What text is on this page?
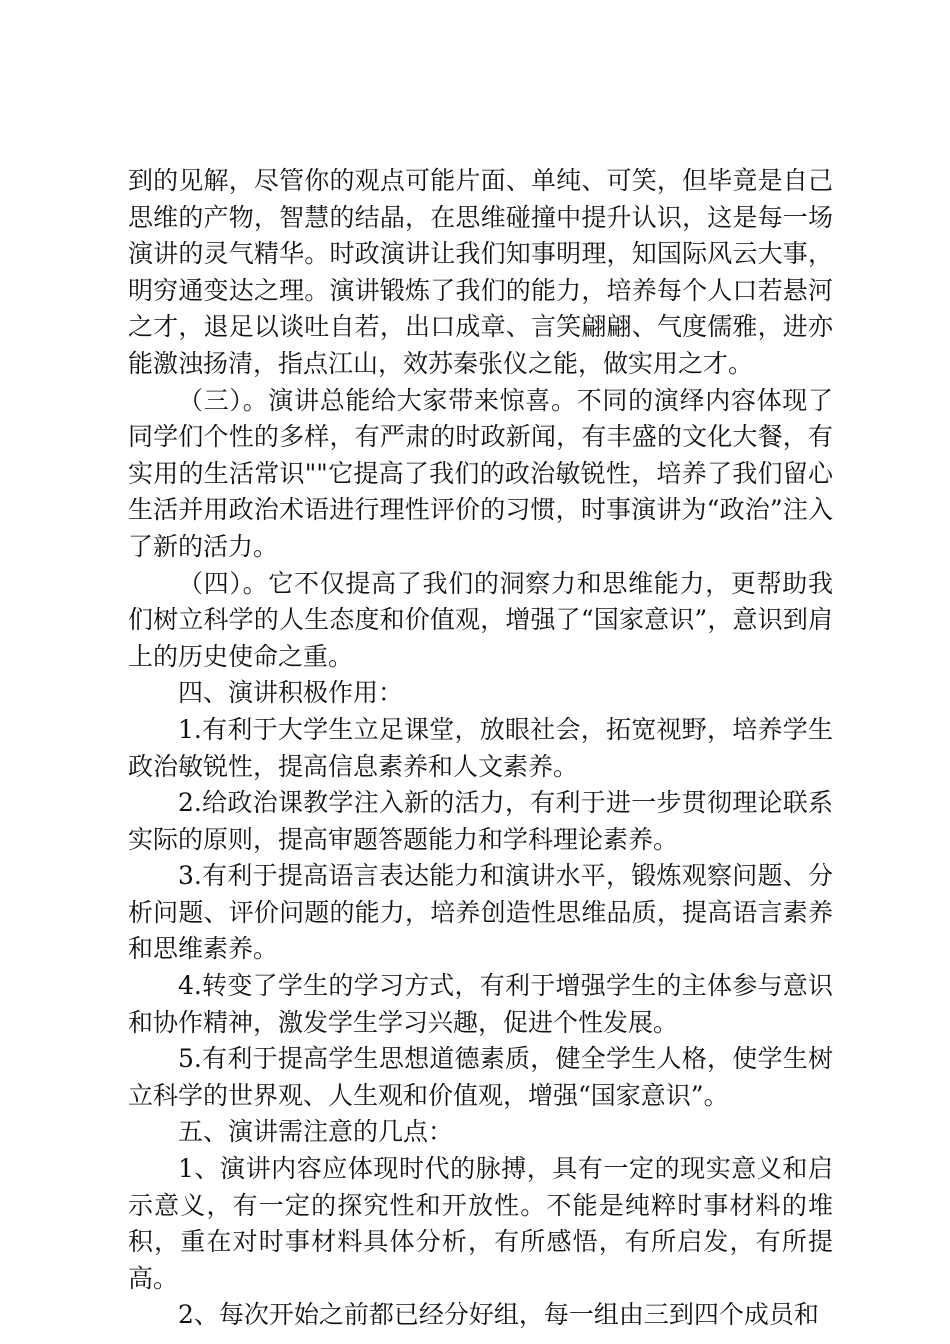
到的见解，尽管你的观点可能片面、单纯、可笑，但毕竟是自己思维的产物，智慧的结晶，在思维碰撞中提升认识，这是每一场演讲的灵气精华。时政演讲让我们知事明理，知国际风云大事，明穷通变达之理。演讲锻炼了我们的能力，培养每个人口若悬河之才，退足以谈吐自若，出口成章、言笑翩翩、气度儒雅，进亦能激浊扬清，指点江山，效苏秦张仪之能，做实用之才。

（三）。演讲总能给大家带来惊喜。不同的演绎内容体现了同学们个性的多样，有严肃的时政新闻，有丰盛的文化大餐，有实用的生活常识""它提高了我们的政治敏锐性，培养了我们留心生活并用政治术语进行理性评价的习惯，时事演讲为“政治”注入了新的活力。

（四）。它不仅提高了我们的洞察力和思维能力，更帮助我们树立科学的人生态度和价值观，增强了“国家意识”，意识到肩上的历史使命之重。

四、演讲积极作用：

1.有利于大学生立足课堂，放眼社会，拓宽视野，培养学生政治敏锐性，提高信息素养和人文素养。

2.给政治课教学注入新的活力，有利于进一步贯彻理论联系实际的原则，提高审题答题能力和学科理论素养。

3.有利于提高语言表达能力和演讲水平，锻炼观察问题、分析问题、评价问题的能力，培养创造性思维品质，提高语言素养和思维素养。

4.转变了学生的学习方式，有利于增强学生的主体参与意识和协作精神，激发学生学习兴趣，促进个性发展。

5.有利于提高学生思想道德素质，健全学生人格，使学生树立科学的世界观、人生观和价值观，增强“国家意识”。

五、演讲需注意的几点：

1、演讲内容应体现时代的脉搏，具有一定的现实意义和启示意义，有一定的探究性和开放性。不能是纯粹时事材料的堆积，重在对时事材料具体分析，有所感悟，有所启发，有所提高。

2、每次开始之前都已经分好组，每一组由三到四个成员和
